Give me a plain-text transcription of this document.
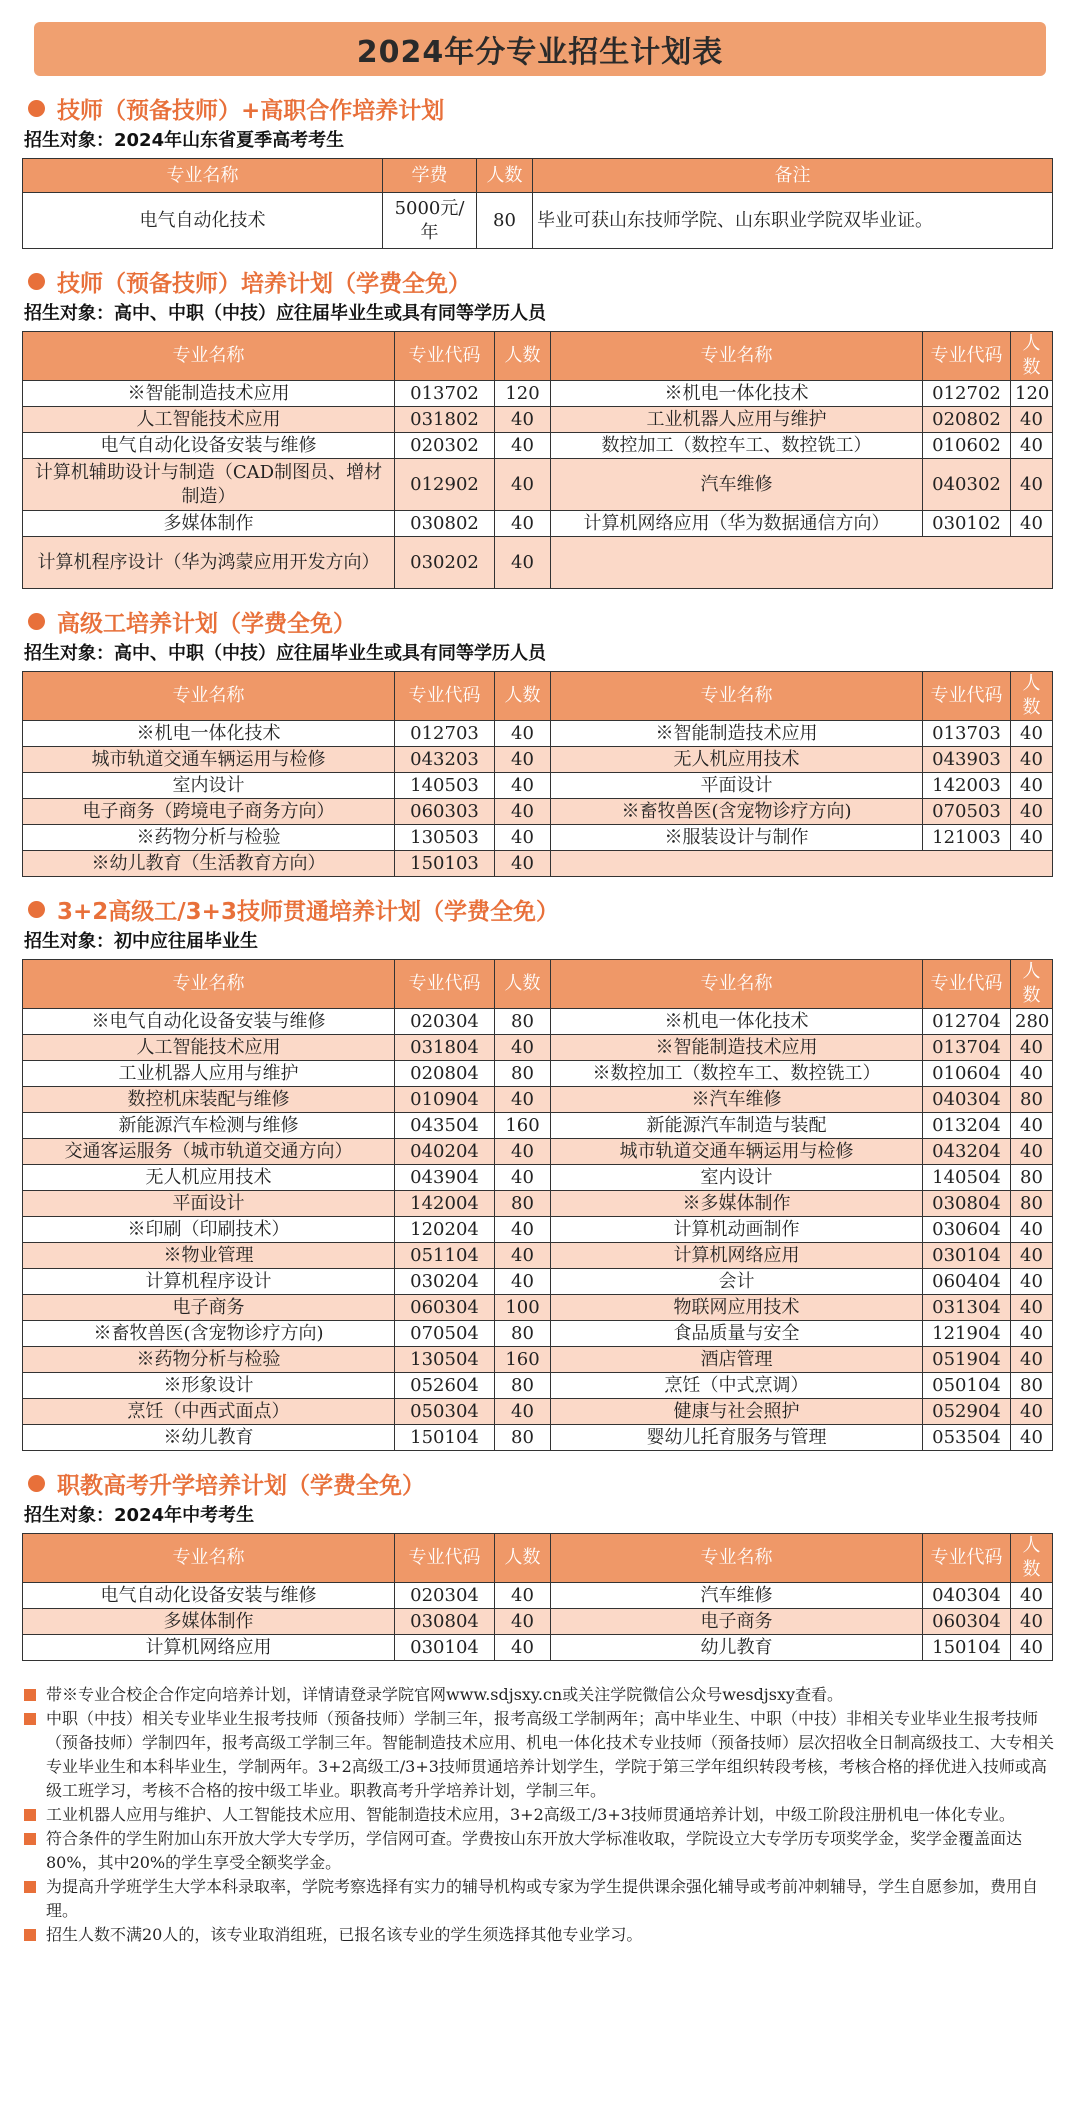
2024年分专业招生计划表
技师（预备技师）+高职合作培养计划
招生对象：2024年山东省夏季高考考生
专业名称	学费	人数	备注
电气自动化技术	5000元/年	80	毕业可获山东技师学院、山东职业学院双毕业证。
技师（预备技师）培养计划（学费全免）
招生对象：高中、中职（中技）应往届毕业生或具有同等学历人员
专业名称	专业代码	人数	专业名称	专业代码	人数
※智能制造技术应用	013702	120	※机电一体化技术	012702	120
人工智能技术应用	031802	40	工业机器人应用与维护	020802	40
电气自动化设备安装与维修	020302	40	数控加工（数控车工、数控铣工）	010602	40
计算机辅助设计与制造（CAD制图员、增材制造）	012902	40	汽车维修	040302	40
多媒体制作	030802	40	计算机网络应用（华为数据通信方向）	030102	40
计算机程序设计（华为鸿蒙应用开发方向）	030202	40			
高级工培养计划（学费全免）
招生对象：高中、中职（中技）应往届毕业生或具有同等学历人员
专业名称	专业代码	人数	专业名称	专业代码	人数
※机电一体化技术	012703	40	※智能制造技术应用	013703	40
城市轨道交通车辆运用与检修	043203	40	无人机应用技术	043903	40
室内设计	140503	40	平面设计	142003	40
电子商务（跨境电子商务方向）	060303	40	※畜牧兽医(含宠物诊疗方向)	070503	40
※药物分析与检验	130503	40	※服装设计与制作	121003	40
※幼儿教育（生活教育方向）	150103	40			
3+2高级工/3+3技师贯通培养计划（学费全免）
招生对象：初中应往届毕业生
专业名称	专业代码	人数	专业名称	专业代码	人数
※电气自动化设备安装与维修	020304	80	※机电一体化技术	012704	280
人工智能技术应用	031804	40	※智能制造技术应用	013704	40
工业机器人应用与维护	020804	80	※数控加工（数控车工、数控铣工）	010604	40
数控机床装配与维修	010904	40	※汽车维修	040304	80
新能源汽车检测与维修	043504	160	新能源汽车制造与装配	013204	40
交通客运服务（城市轨道交通方向）	040204	40	城市轨道交通车辆运用与检修	043204	40
无人机应用技术	043904	40	室内设计	140504	80
平面设计	142004	80	※多媒体制作	030804	80
※印刷（印刷技术）	120204	40	计算机动画制作	030604	40
※物业管理	051104	40	计算机网络应用	030104	40
计算机程序设计	030204	40	会计	060404	40
电子商务	060304	100	物联网应用技术	031304	40
※畜牧兽医(含宠物诊疗方向)	070504	80	食品质量与安全	121904	40
※药物分析与检验	130504	160	酒店管理	051904	40
※形象设计	052604	80	烹饪（中式烹调）	050104	80
烹饪（中西式面点）	050304	40	健康与社会照护	052904	40
※幼儿教育	150104	80	婴幼儿托育服务与管理	053504	40
职教高考升学培养计划（学费全免）
招生对象：2024年中考考生
专业名称	专业代码	人数	专业名称	专业代码	人数
电气自动化设备安装与维修	020304	40	汽车维修	040304	40
多媒体制作	030804	40	电子商务	060304	40
计算机网络应用	030104	40	幼儿教育	150104	40
带※专业合校企合作定向培养计划，详情请登录学院官网www.sdjsxy.cn或关注学院微信公众号wesdjsxy查看。
中职（中技）相关专业毕业生报考技师（预备技师）学制三年，报考高级工学制两年；高中毕业生、中职（中技）非相关专业毕业生报考技师（预备技师）学制四年，报考高级工学制三年。智能制造技术应用、机电一体化技术专业技师（预备技师）层次招收全日制高级技工、大专相关专业毕业生和本科毕业生，学制两年。3+2高级工/3+3技师贯通培养计划学生，学院于第三学年组织转段考核，考核合格的择优进入技师或高级工班学习，考核不合格的按中级工毕业。职教高考升学培养计划，学制三年。
工业机器人应用与维护、人工智能技术应用、智能制造技术应用，3+2高级工/3+3技师贯通培养计划，中级工阶段注册机电一体化专业。
符合条件的学生附加山东开放大学大专学历，学信网可查。学费按山东开放大学标准收取，学院设立大专学历专项奖学金，奖学金覆盖面达80%，其中20%的学生享受全额奖学金。
为提高升学班学生大学本科录取率，学院考察选择有实力的辅导机构或专家为学生提供课余强化辅导或考前冲刺辅导，学生自愿参加，费用自理。
招生人数不满20人的，该专业取消组班，已报名该专业的学生须选择其他专业学习。
